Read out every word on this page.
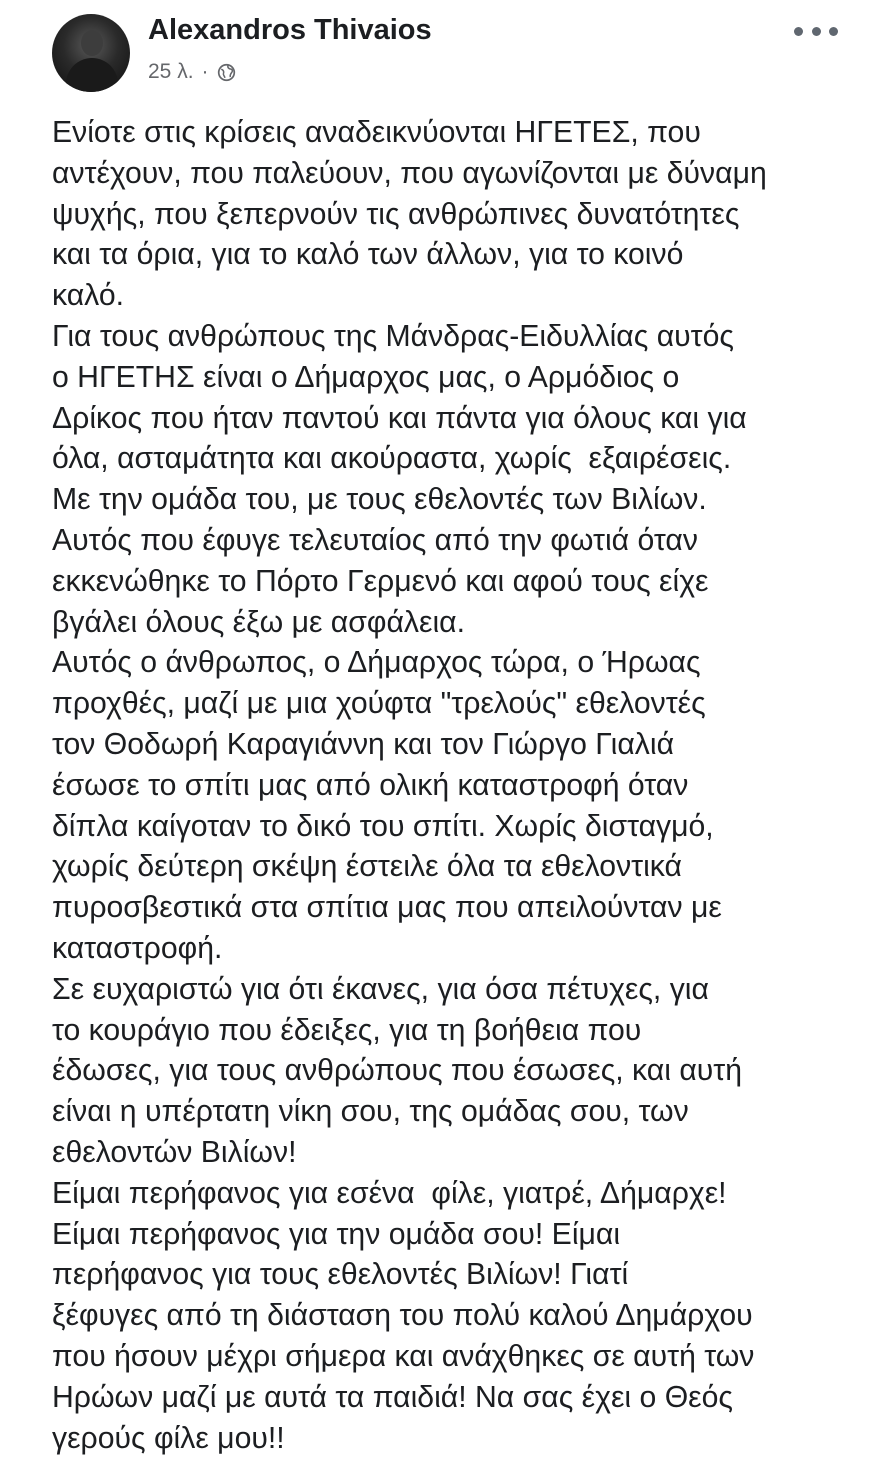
Alexandros Thivaios
25 λ. ·

Ενίοτε στις κρίσεις αναδεικνύονται ΗΓΕΤΕΣ, που
αντέχουν, που παλεύουν, που αγωνίζονται με δύναμη
ψυχής, που ξεπερνούν τις ανθρώπινες δυνατότητες
και τα όρια, για το καλό των άλλων, για το κοινό
καλό.

Για τους ανθρώπους της Μάνδρας-Ειδυλλίας αυτός
ο ΗΓΕΤΗΣ είναι ο Δήμαρχος μας, ο Αρμόδιος ο
Δρίκος που ήταν παντού και πάντα για όλους και για
όλα, ασταμάτητα και ακούραστα, χωρίς  εξαιρέσεις.
Με την ομάδα του, με τους εθελοντές των Βιλίων.
Αυτός που έφυγε τελευταίος από την φωτιά όταν
εκκενώθηκε το Πόρτο Γερμενό και αφού τους είχε
βγάλει όλους έξω με ασφάλεια.

Αυτός ο άνθρωπος, ο Δήμαρχος τώρα, ο Ήρωας
προχθές, μαζί με μια χούφτα "τρελούς" εθελοντές
τον Θοδωρή Καραγιάννη και τον Γιώργο Γιαλιά
έσωσε το σπίτι μας από ολική καταστροφή όταν
δίπλα καίγοταν το δικό του σπίτι. Χωρίς δισταγμό,
χωρίς δεύτερη σκέψη έστειλε όλα τα εθελοντικά
πυροσβεστικά στα σπίτια μας που απειλούνταν με
καταστροφή.

Σε ευχαριστώ για ότι έκανες, για όσα πέτυχες, για
το κουράγιο που έδειξες, για τη βοήθεια που
έδωσες, για τους ανθρώπους που έσωσες, και αυτή
είναι η υπέρτατη νίκη σου, της ομάδας σου, των
εθελοντών Βιλίων!

Είμαι περήφανος για εσένα  φίλε, γιατρέ, Δήμαρχε!
Είμαι περήφανος για την ομάδα σου! Είμαι
περήφανος για τους εθελοντές Βιλίων! Γιατί
ξέφυγες από τη διάσταση του πολύ καλού Δημάρχου
που ήσουν μέχρι σήμερα και ανάχθηκες σε αυτή των
Ηρώων μαζί με αυτά τα παιδιά! Να σας έχει ο Θεός
γερούς φίλε μου!!
